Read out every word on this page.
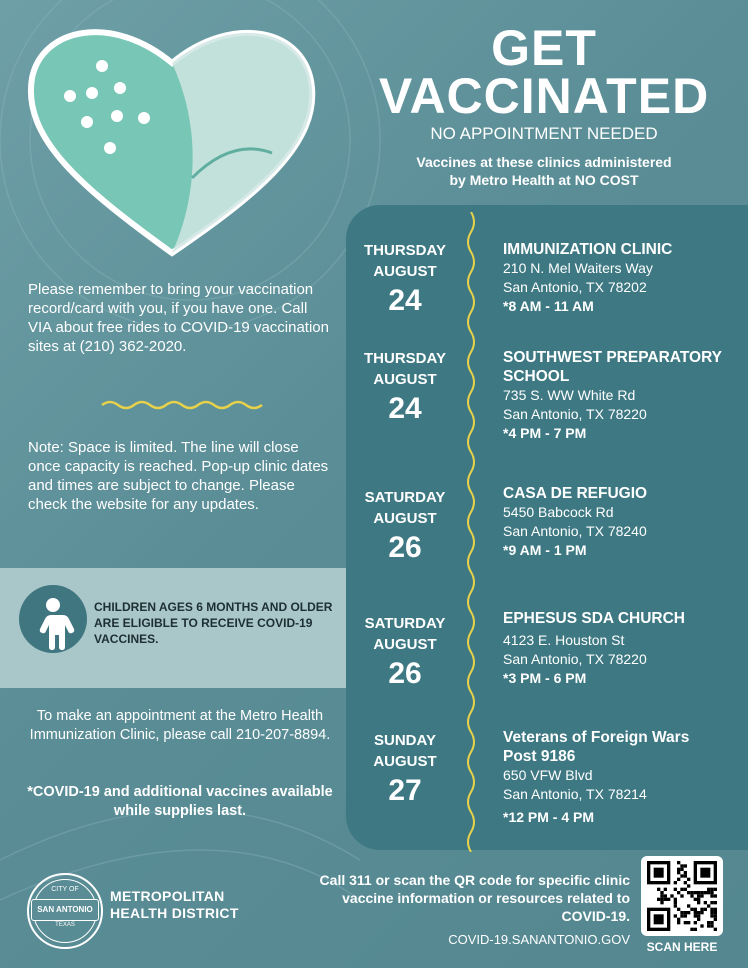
GET
VACCINATED
NO APPOINTMENT NEEDED
Vaccines at these clinics administered
by Metro Health at NO COST
Please remember to bring your vaccination record/card with you, if you have one. Call VIA about free rides to COVID-19 vaccination sites at (210) 362-2020.
Note: Space is limited. The line will close once capacity is reached. Pop-up clinic dates and times are subject to change. Please check the website for any updates.
CHILDREN AGES 6 MONTHS AND OLDER ARE ELIGIBLE TO RECEIVE COVID-19 VACCINES.
To make an appointment at the Metro Health Immunization Clinic, please call 210-207-8894.
*COVID-19 and additional vaccines available while supplies last.
THURSDAY
AUGUST
24
IMMUNIZATION CLINIC
210 N. Mel Waiters Way
San Antonio, TX 78202
*8 AM - 11 AM
THURSDAY
AUGUST
24
SOUTHWEST PREPARATORY SCHOOL
735 S. WW White Rd
San Antonio, TX 78220
*4 PM - 7 PM
SATURDAY
AUGUST
26
CASA DE REFUGIO
5450 Babcock Rd
San Antonio, TX 78240
*9 AM - 1 PM
SATURDAY
AUGUST
26
EPHESUS SDA CHURCH
4123 E. Houston St
San Antonio, TX 78220
*3 PM - 6 PM
SUNDAY
AUGUST
27
Veterans of Foreign Wars Post 9186
650 VFW Blvd
San Antonio, TX 78214
*12 PM - 4 PM
CITY OF
SAN ANTONIO
TEXAS
METROPOLITAN
HEALTH DISTRICT
Call 311 or scan the QR code for specific clinic vaccine information or resources related to COVID-19.
COVID-19.SANANTONIO.GOV	SCAN HERE
